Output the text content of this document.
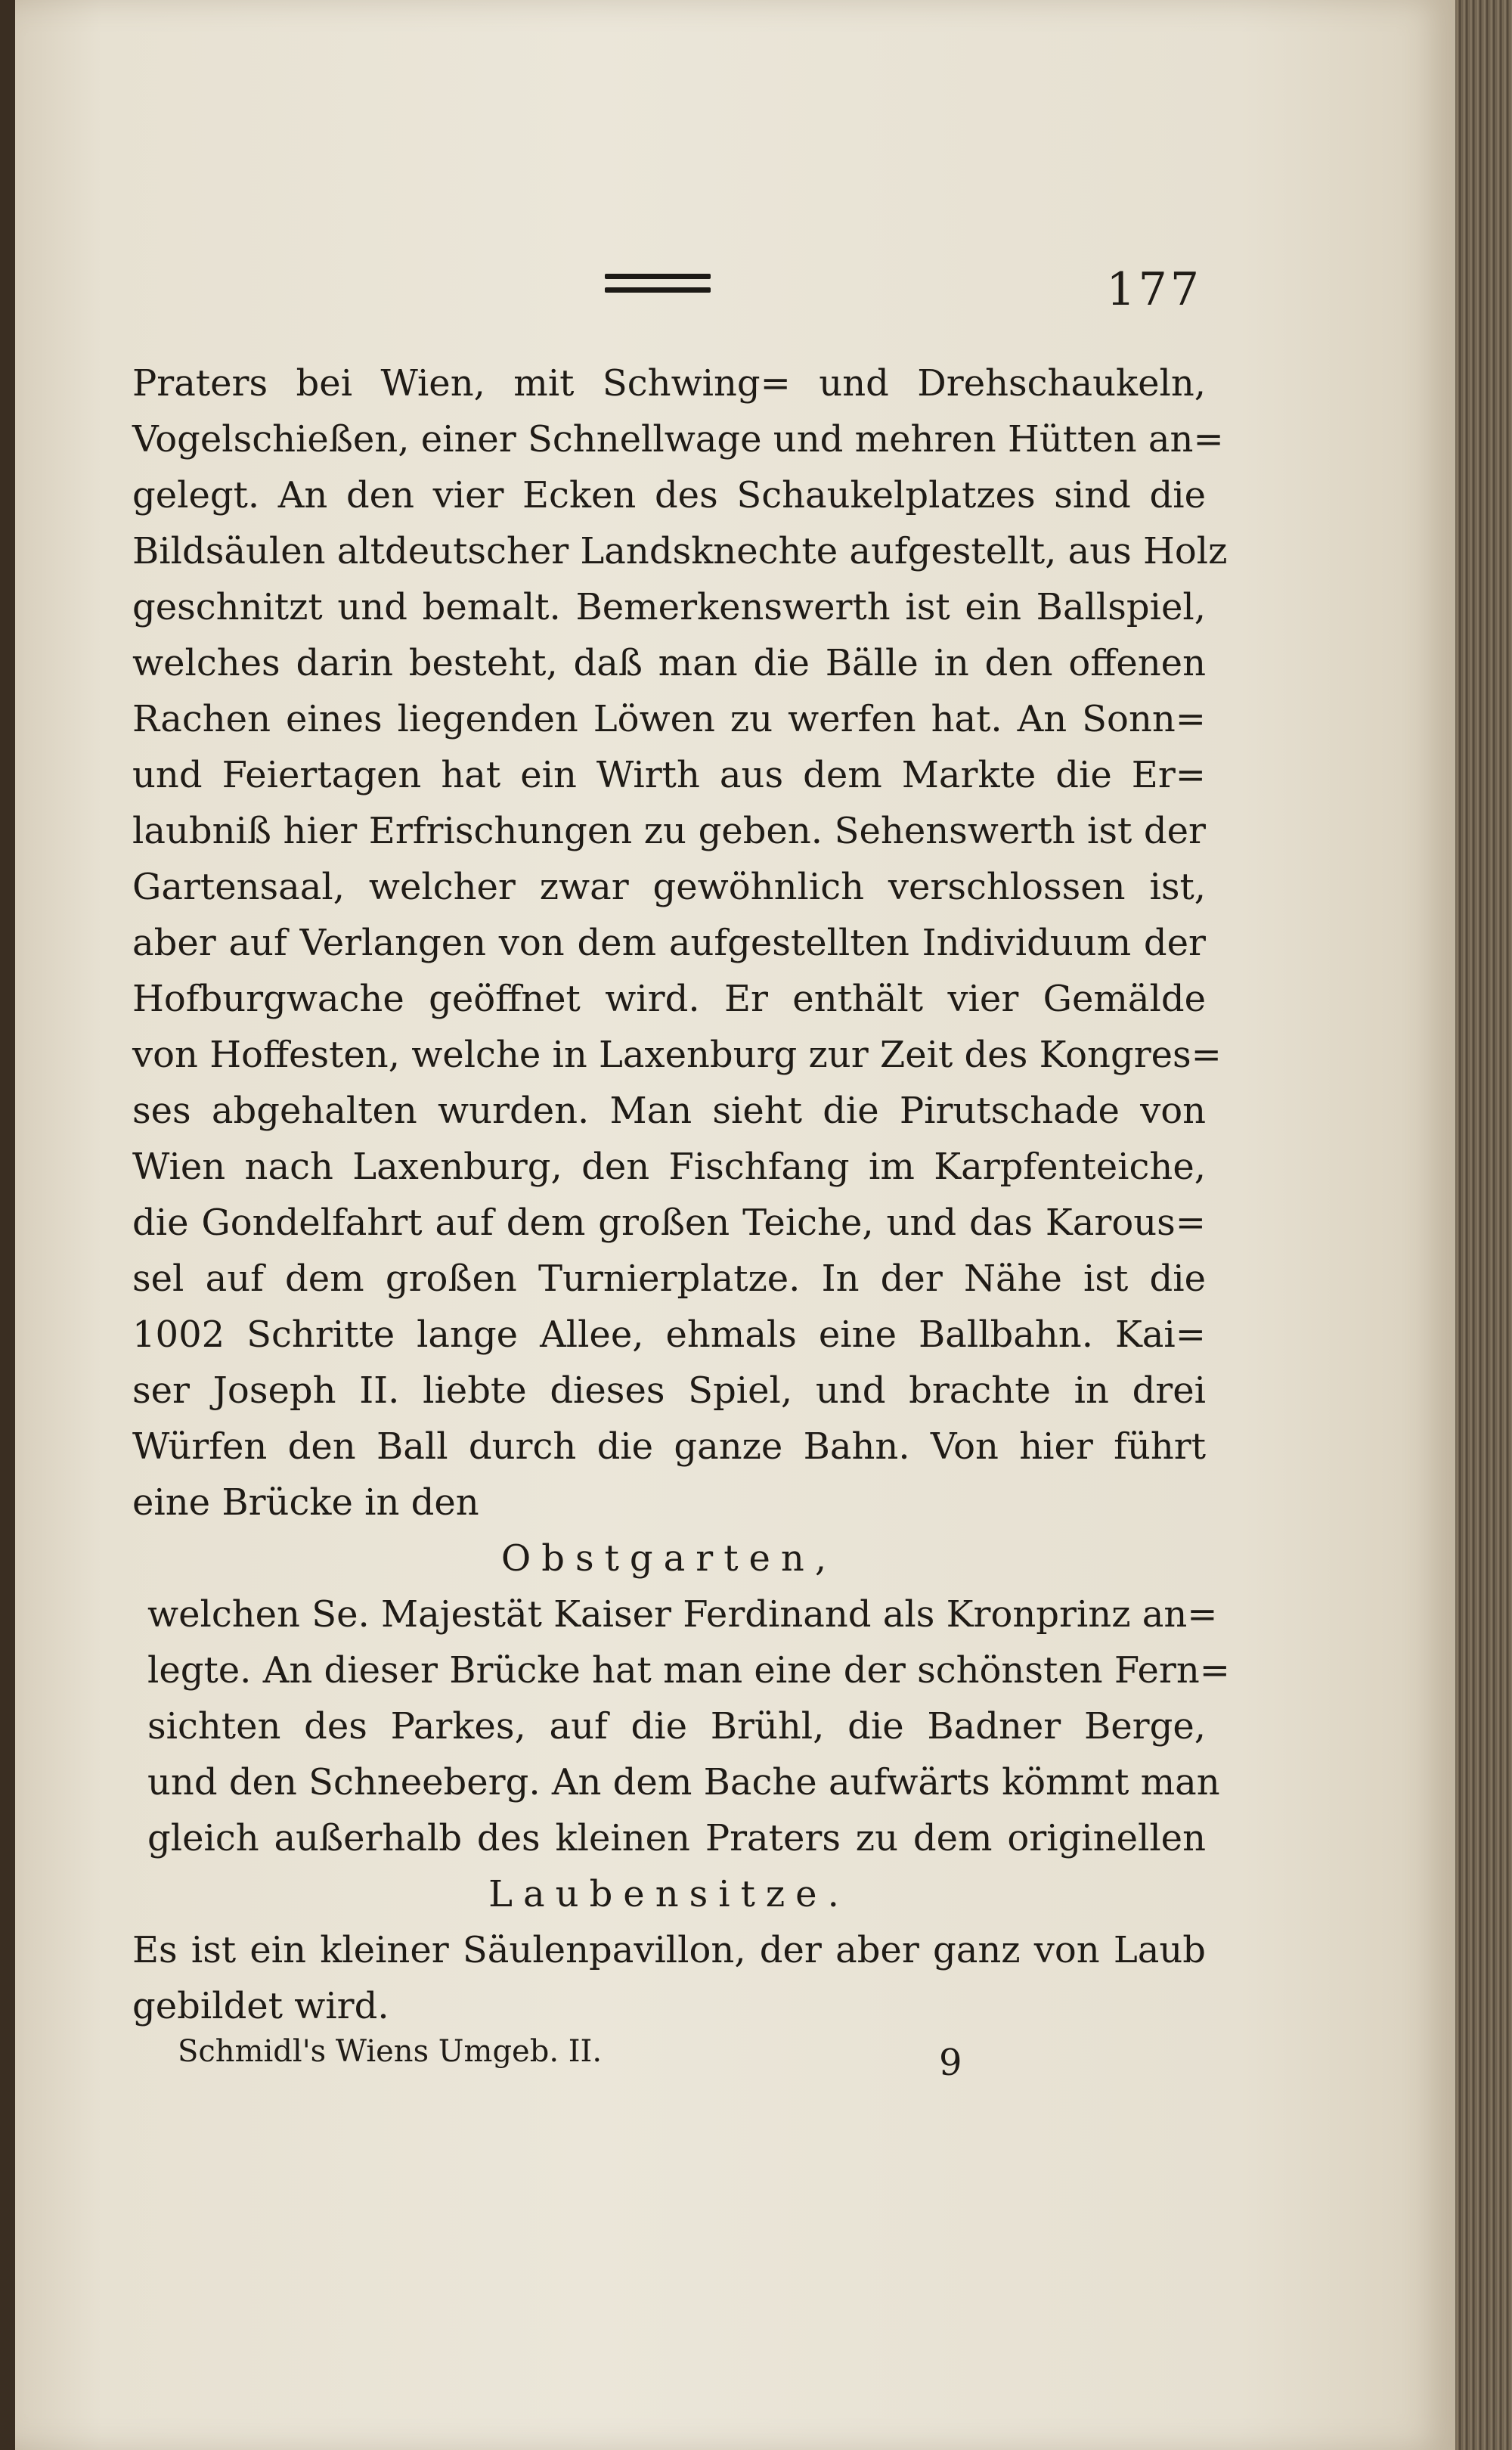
177
Praters bei Wien, mit Schwing= und Drehschaukeln,
Vogelschießen, einer Schnellwage und mehren Hütten an=
gelegt. An den vier Ecken des Schaukelplatzes sind die
Bildsäulen altdeutscher Landsknechte aufgestellt, aus Holz
geschnitzt und bemalt. Bemerkenswerth ist ein Ballspiel,
welches darin besteht, daß man die Bälle in den offenen
Rachen eines liegenden Löwen zu werfen hat. An Sonn=
und Feiertagen hat ein Wirth aus dem Markte die Er=
laubniß hier Erfrischungen zu geben. Sehenswerth ist der
Gartensaal, welcher zwar gewöhnlich verschlossen ist,
aber auf Verlangen von dem aufgestellten Individuum der
Hofburgwache geöffnet wird. Er enthält vier Gemälde
von Hoffesten, welche in Laxenburg zur Zeit des Kongres=
ses abgehalten wurden. Man sieht die Pirutschade von
Wien nach Laxenburg, den Fischfang im Karpfenteiche,
die Gondelfahrt auf dem großen Teiche, und das Karous=
sel auf dem großen Turnierplatze. In der Nähe ist die
1002 Schritte lange Allee, ehmals eine Ballbahn. Kai=
ser Joseph II. liebte dieses Spiel, und brachte in drei
Würfen den Ball durch die ganze Bahn. Von hier führt
eine Brücke in den
Obstgarten,
welchen Se. Majestät Kaiser Ferdinand als Kronprinz an=
legte. An dieser Brücke hat man eine der schönsten Fern=
sichten des Parkes, auf die Brühl, die Badner Berge,
und den Schneeberg. An dem Bache aufwärts kömmt man
gleich außerhalb des kleinen Praters zu dem originellen
Laubensitze.
Es ist ein kleiner Säulenpavillon, der aber ganz von Laub
gebildet wird.
Schmidl's Wiens Umgeb. II.	9
